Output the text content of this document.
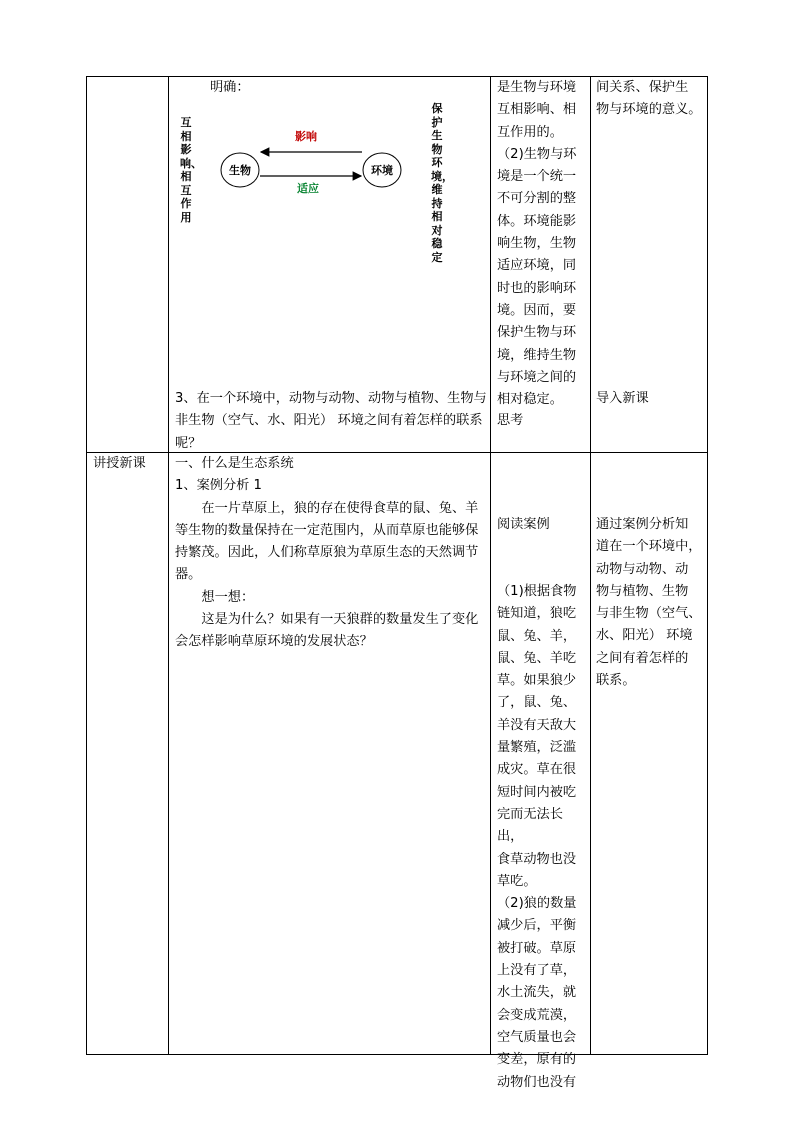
明确：
互相影响、相互作用
保护生物环境，维持相对稳定
生物	环境
影响
适应
3、在一个环境中，动物与动物、动物与植物、生物与非生物（空气、水、阳光） 环境之间有着怎样的联系呢？

是生物与环境

互相影响、相

互作用的。

（2)生物与环

境是一个统一

不可分割的整

体。环境能影

响生物，生物

适应环境，同

时也的影响环

境。因而，要

保护生物与环

境，维持生物

与环境之间的

相对稳定。

思考

间关系、保护生

物与环境的意义。

导入新课
讲授新课 一、什么是生态系统

1、案例分析 1

在一片草原上，狼的存在使得食草的鼠、兔、羊等生物的数量保持在一定范围内，从而草原也能够保持繁茂。因此，人们称草原狼为草原生态的天然调节器。

想一想：

这是为什么？如果有一天狼群的数量发生了变化会怎样影响草原环境的发展状态？

阅读案例

（1)根据食物

链知道，狼吃

鼠、兔、羊，

鼠、兔、羊吃

草。如果狼少

了，鼠、兔、

羊没有天敌大

量繁殖，泛滥

成灾。草在很

短时间内被吃

完而无法长出，

食草动物也没

草吃。

（2)狼的数量

减少后，平衡

被打破。草原

上没有了草，

水土流失，就

会变成荒漠，

空气质量也会

变差，原有的

动物们也没有

通过案例分析知

道在一个环境中，

动物与动物、动

物与植物、生物

与非生物（空气、

水、阳光） 环境

之间有着怎样的

联系。
